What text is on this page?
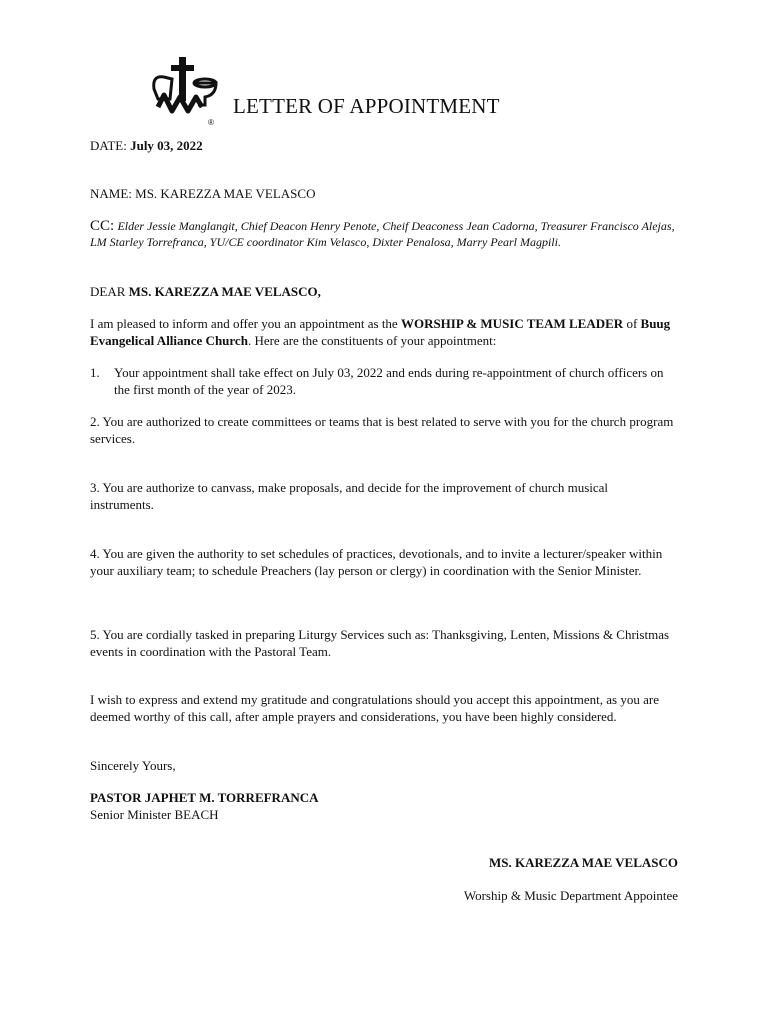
®
LETTER OF APPOINTMENT
DATE: July 03, 2022
NAME: MS. KAREZZA MAE VELASCO
CC: Elder Jessie Manglangit, Chief Deacon Henry Penote, Cheif Deaconess Jean Cadorna, Treasurer Francisco Alejas, LM Starley Torrefranca, YU/CE coordinator Kim Velasco, Dixter Penalosa, Marry Pearl Magpili.
DEAR MS. KAREZZA MAE VELASCO,
I am pleased to inform and offer you an appointment as the WORSHIP & MUSIC TEAM LEADER of Buug Evangelical Alliance Church. Here are the constituents of your appointment:
1.	Your appointment shall take effect on July 03, 2022 and ends during re-appointment of church officers on the first month of the year of 2023.
2. You are authorized to create committees or teams that is best related to serve with you for the church program services.
3. You are authorize to canvass, make proposals, and decide for the improvement of church musical instruments.
4. You are given the authority to set schedules of practices, devotionals, and to invite a lecturer/speaker within your auxiliary team; to schedule Preachers (lay person or clergy) in coordination with the Senior Minister.
5. You are cordially tasked in preparing Liturgy Services such as: Thanksgiving, Lenten, Missions & Christmas events in coordination with the Pastoral Team.
I wish to express and extend my gratitude and congratulations should you accept this appointment, as you are deemed worthy of this call, after ample prayers and considerations, you have been highly considered.
Sincerely Yours,
PASTOR JAPHET M. TORREFRANCA
Senior Minister BEACH
MS. KAREZZA MAE VELASCO
Worship & Music Department Appointee
